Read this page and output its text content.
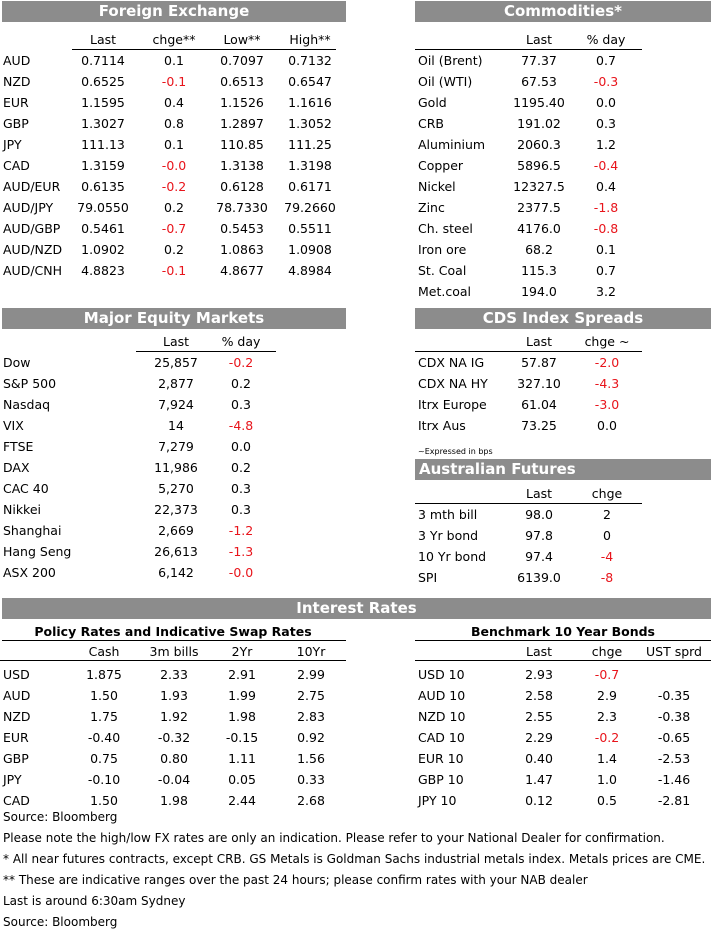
Foreign Exchange	Commodities*
Major Equity Markets	CDS Index Spreads
Australian Futures
Interest Rates
Last	chge** Low** High**
AUD	0.7114	0.1	0.7097 0.7132
NZD	0.6525	-0.1	0.6513 0.6547
EUR	1.1595	0.4	1.1526 1.1616
GBP	1.3027	0.8	1.2897 1.3052
JPY	111.13	0.1	110.85 111.25
CAD	1.3159	-0.0	1.3138 1.3198
AUD/EUR 0.6135	-0.2	0.6128 0.6171
AUD/JPY 79.0550	0.2	78.7330 79.2660
AUD/GBP 0.5461	-0.7	0.5453 0.5511
AUD/NZD 1.0902	0.2	1.0863 1.0908
AUD/CNH 4.8823	-0.1	4.8677 4.8984
Last	% day
Oil (Brent)	77.37	0.7
Oil (WTI)	67.53	-0.3
Gold	1195.40 0.0
CRB	191.02	0.3
Aluminium	2060.3	1.2
Copper	5896.5	-0.4
Nickel	12327.5 0.4
Zinc	2377.5	-1.8
Ch. steel	4176.0	-0.8
Iron ore	68.2	0.1
St. Coal	115.3	0.7
Met.coal	194.0	3.2
Last	% day
Dow	25,857 -0.2
S&P 500	2,877	0.2
Nasdaq	7,924	0.3
VIX	14	-4.8
FTSE	7,279	0.0
DAX	11,986	0.2
CAC 40	5,270	0.3
Nikkei	22,373	0.3
Shanghai	2,669	-1.2
Hang Seng	26,613 -1.3
ASX 200	6,142	-0.0
Last	chge ~
CDX NA IG	57.87	-2.0
CDX NA HY 327.10	-4.3
Itrx Europe	61.04	-3.0
Itrx Aus	73.25	0.0
~Expressed in bps
Last	chge
3 mth bill	98.0	2
3 Yr bond	97.8	0
10 Yr bond	97.4	-4
SPI	6139.0	-8
Policy Rates and Indicative Swap Rates
Cash 3m bills	2Yr	10Yr
USD	1.875	2.33	2.91	2.99
AUD	1.50	1.93	1.99	2.75
NZD	1.75	1.92	1.98	2.83
EUR	-0.40	-0.32	-0.15	0.92
GBP	0.75	0.80	1.11	1.56
JPY	-0.10	-0.04	0.05	0.33
CAD	1.50	1.98	2.44	2.68
Benchmark 10 Year Bonds
Last	chge UST sprd
USD 10	2.93	-0.7
AUD 10	2.58	2.9	-0.35
NZD 10	2.55	2.3	-0.38
CAD 10	2.29	-0.2	-0.65
EUR 10	0.40	1.4	-2.53
GBP 10	1.47	1.0	-1.46
JPY 10	0.12	0.5	-2.81
Source: Bloomberg
Please note the high/low FX rates are only an indication. Please refer to your National Dealer for confirmation.
* All near futures contracts, except CRB. GS Metals is Goldman Sachs industrial metals index. Metals prices are CME.
** These are indicative ranges over the past 24 hours; please confirm rates with your NAB dealer
Last is around 6:30am Sydney
Source: Bloomberg
